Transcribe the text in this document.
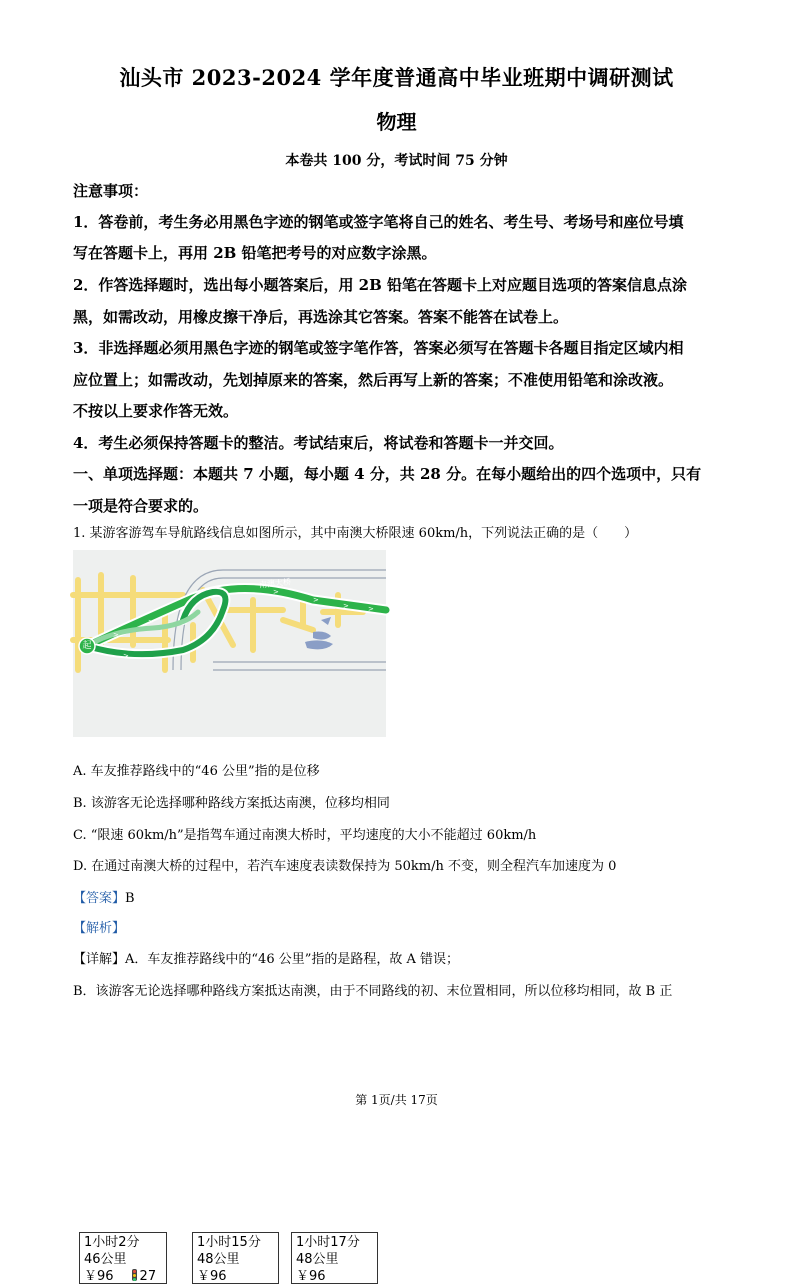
汕头市 2023-2024 学年度普通高中毕业班期中调研测试
物理
本卷共 100 分，考试时间 75 分钟
注意事项：
1．答卷前，考生务必用黑色字迹的钢笔或签字笔将自己的姓名、考生号、考场号和座位号填
写在答题卡上，再用 2B 铅笔把考号的对应数字涂黑。
2．作答选择题时，选出每小题答案后，用 2B 铅笔在答题卡上对应题目选项的答案信息点涂
黑，如需改动，用橡皮擦干净后，再选涂其它答案。答案不能答在试卷上。
3．非选择题必须用黑色字迹的钢笔或签字笔作答，答案必须写在答题卡各题目指定区域内相
应位置上；如需改动，先划掉原来的答案，然后再写上新的答案；不准使用铅笔和涂改液。
不按以上要求作答无效。
4．考生必须保持答题卡的整洁。考试结束后，将试卷和答题卡一并交回。
一、单项选择题：本题共 7 小题，每小题 4 分，共 28 分。在每小题给出的四个选项中，只有
一项是符合要求的。
1. 某游客游驾车导航路线信息如图所示，其中南澳大桥限速 60km/h，下列说法正确的是（　　）
>
>
>
>
>	>
>
起
南澳大桥
1小时2分
46公里
￥96 27
1小时15分
48公里
￥96
1小时17分
48公里
￥96
A. 车友推荐路线中的“46 公里”指的是位移
B. 该游客无论选择哪种路线方案抵达南澳，位移均相同
C. “限速 60km/h”是指驾车通过南澳大桥时，平均速度的大小不能超过 60km/h
D. 在通过南澳大桥的过程中，若汽车速度表读数保持为 50km/h 不变，则全程汽车加速度为 0
【答案】B
【解析】
【详解】A．车友推荐路线中的“46 公里”指的是路程，故 A 错误；
B．该游客无论选择哪种路线方案抵达南澳，由于不同路线的初、末位置相同，所以位移均相同，故 B 正
第 1页/共 17页
